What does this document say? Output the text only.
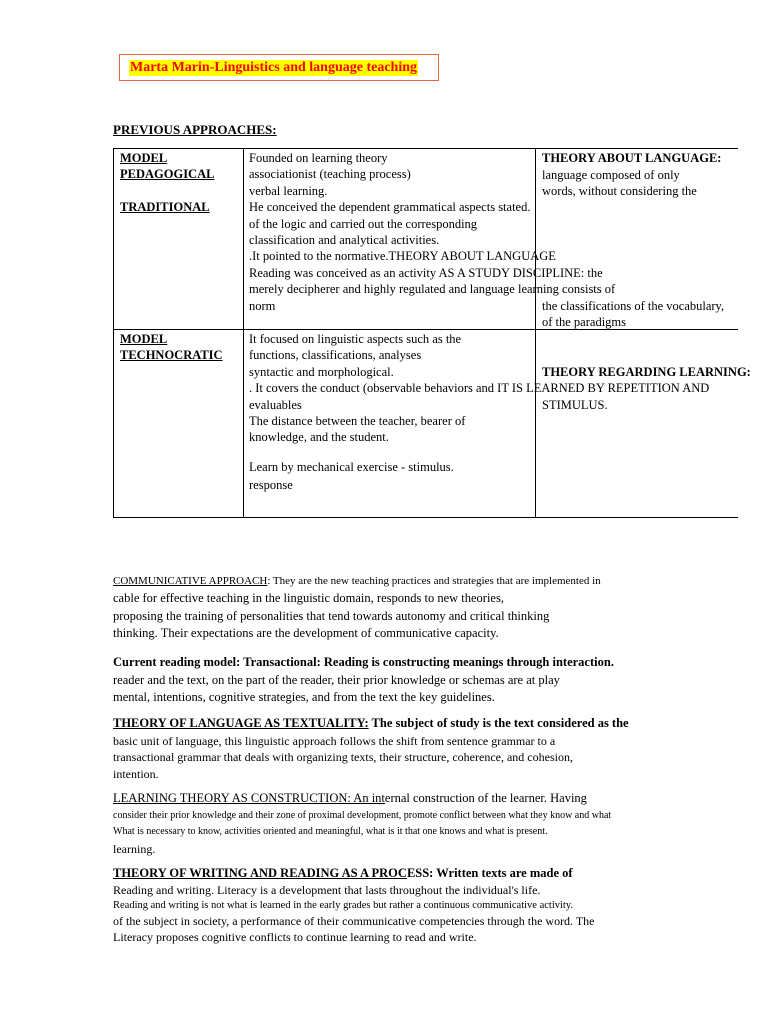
Marta Marin-Linguistics and language teaching
PREVIOUS APPROACHES:
MODEL
PEDAGOGICAL
TRADITIONAL
Founded on learning theory
associationist (teaching process)
verbal learning.
He conceived the dependent grammatical aspects stated.
of the logic and carried out the corresponding
classification and analytical activities.
.It pointed to the normative.THEORY ABOUT LANGUAGE
Reading was conceived as an activity AS A STUDY DISCIPLINE: the
merely decipherer and highly regulated and language learning consists of
norm
THEORY ABOUT LANGUAGE:
language composed of only
words, without considering the
the classifications of the vocabulary,
of the paradigms
MODEL
TECHNOCRATIC
It focused on linguistic aspects such as the
functions, classifications, analyses
syntactic and morphological.
. It covers the conduct (observable behaviors and IT IS LEARNED BY REPETITION AND
evaluables
The distance between the teacher, bearer of
knowledge, and the student.
Learn by mechanical exercise - stimulus.
response
THEORY REGARDING LEARNING:
STIMULUS.
COMMUNICATIVE APPROACH: They are the new teaching practices and strategies that are implemented in
cable for effective teaching in the linguistic domain, responds to new theories,
proposing the training of personalities that tend towards autonomy and critical thinking
thinking. Their expectations are the development of communicative capacity.
Current reading model: Transactional: Reading is constructing meanings through interaction.
reader and the text, on the part of the reader, their prior knowledge or schemas are at play
mental, intentions, cognitive strategies, and from the text the key guidelines.
THEORY OF LANGUAGE AS TEXTUALITY: The subject of study is the text considered as the
basic unit of language, this linguistic approach follows the shift from sentence grammar to a
transactional grammar that deals with organizing texts, their structure, coherence, and cohesion,
intention.
LEARNING THEORY AS CONSTRUCTION: An internal construction of the learner. Having
consider their prior knowledge and their zone of proximal development, promote conflict between what they know and what
What is necessary to know, activities oriented and meaningful, what is it that one knows and what is present.
learning.
THEORY OF WRITING AND READING AS A PROCESS: Written texts are made of
Reading and writing. Literacy is a development that lasts throughout the individual's life.
Reading and writing is not what is learned in the early grades but rather a continuous communicative activity.
of the subject in society, a performance of their communicative competencies through the word. The
Literacy proposes cognitive conflicts to continue learning to read and write.
